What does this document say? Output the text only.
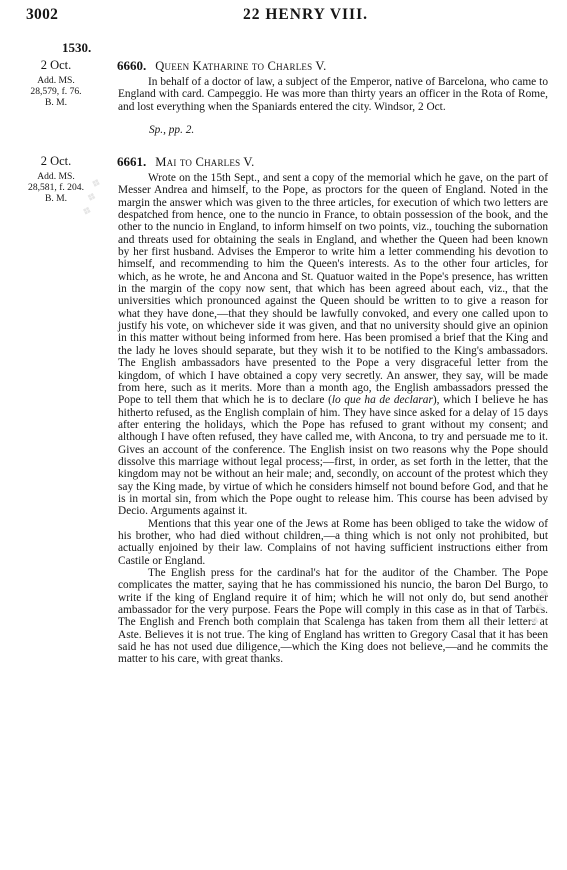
3002	22 HENRY VIII.
1530.
2 Oct.
Add. MS.
28,579, f. 76.
B. M.
6660. Queen Katharine to Charles V.

In behalf of a doctor of law, a subject of the Emperor, native of Barcelona, who came to England with card. Campeggio. He was more than thirty years an officer in the Rota of Rome, and lost everything when the Spaniards entered the city. Windsor, 2 Oct.

Sp., pp. 2.
2 Oct.
Add. MS.
28,581, f. 204.
B. M.
6661. Mai to Charles V.

Wrote on the 15th Sept., and sent a copy of the memorial which he gave, on the part of Messer Andrea and himself, to the Pope, as proctors for the queen of England. Noted in the margin the answer which was given to the three articles, for execution of which two letters are despatched from hence, one to the nuncio in France, to obtain possession of the book, and the other to the nuncio in England, to inform himself on two points, viz., touching the subornation and threats used for obtaining the seals in England, and whether the Queen had been known by her first husband. Advises the Emperor to write him a letter commending his devotion to himself, and recommending to him the Queen's interests. As to the other four articles, for which, as he wrote, he and Ancona and St. Quatuor waited in the Pope's presence, has written in the margin of the copy now sent, that which has been agreed about each, viz., that the universities which pronounced against the Queen should be written to to give a reason for what they have done,—that they should be lawfully convoked, and every one called upon to justify his vote, on whichever side it was given, and that no university should give an opinion in this matter without being informed from here. Has been promised a brief that the King and the lady he loves should separate, but they wish it to be notified to the King's ambassadors. The English ambassadors have presented to the Pope a very disgraceful letter from the kingdom, of which I have obtained a copy very secretly. An answer, they say, will be made from here, such as it merits. More than a month ago, the English ambassadors pressed the Pope to tell them that which he is to declare (lo que ha de declarar), which I believe he has hitherto refused, as the English complain of him. They have since asked for a delay of 15 days after entering the holidays, which the Pope has refused to grant without my consent; and although I have often refused, they have called me, with Ancona, to try and persuade me to it. Gives an account of the conference. The English insist on two reasons why the Pope should dissolve this marriage without legal process;—first, in order, as set forth in the letter, that the kingdom may not be without an heir male; and, secondly, on account of the protest which they say the King made, by virtue of which he considers himself not bound before God, and that he is in mortal sin, from which the Pope ought to release him. This course has been advised by Decio. Arguments against it.

Mentions that this year one of the Jews at Rome has been obliged to take the widow of his brother, who had died without children,—a thing which is not only not prohibited, but actually enjoined by their law. Complains of not having sufficient instructions either from Castile or England.

The English press for the cardinal's hat for the auditor of the Chamber. The Pope complicates the matter, saying that he has commissioned his nuncio, the baron Del Burgo, to write if the king of England require it of him; which he will not only do, but send another ambassador for the very purpose. Fears the Pope will comply in this case as in that of Tarbes. The English and French both complain that Scalenga has taken from them all their letters at Aste. Believes it is not true. The king of England has written to Gregory Casal that it has been said he has not used due diligence,—which the King does not believe,—and he commits the matter to his care, with great thanks.

❖ ❖ ❖
❖ ❖ ❖
